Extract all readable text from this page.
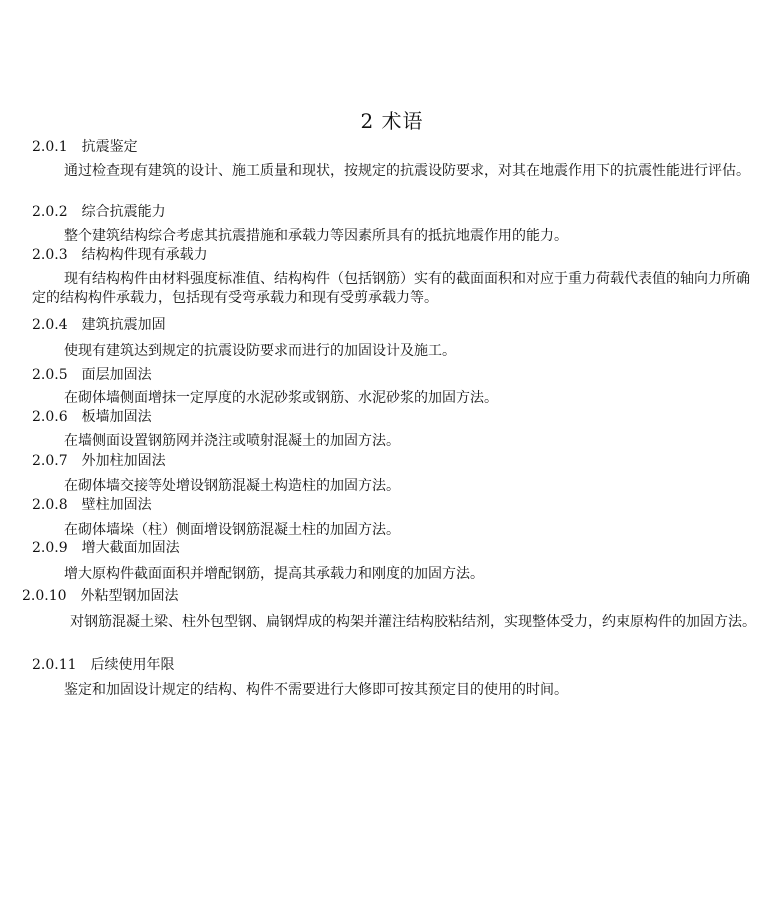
2 术语
2.0.1 抗震鉴定

通过检查现有建筑的设计、施工质量和现状，按规定的抗震设防要求，对其在地震作用下的抗震性能进行评估。

2.0.2 综合抗震能力

整个建筑结构综合考虑其抗震措施和承载力等因素所具有的抵抗地震作用的能力。

2.0.3 结构构件现有承载力

现有结构构件由材料强度标准值、结构构件（包括钢筋）实有的截面面积和对应于重力荷载代表值的轴向力所确定的结构构件承载力，包括现有受弯承载力和现有受剪承载力等。

2.0.4 建筑抗震加固

使现有建筑达到规定的抗震设防要求而进行的加固设计及施工。

2.0.5 面层加固法

在砌体墙侧面增抹一定厚度的水泥砂浆或钢筋、水泥砂浆的加固方法。

2.0.6 板墙加固法

在墙侧面设置钢筋网并浇注或喷射混凝土的加固方法。

2.0.7 外加柱加固法

在砌体墙交接等处增设钢筋混凝土构造柱的加固方法。

2.0.8 壁柱加固法

在砌体墙垛（柱）侧面增设钢筋混凝土柱的加固方法。

2.0.9 增大截面加固法

增大原构件截面面积并增配钢筋，提高其承载力和刚度的加固方法。

2.0.10 外粘型钢加固法

对钢筋混凝土梁、柱外包型钢、扁钢焊成的构架并灌注结构胶粘结剂，实现整体受力，约束原构件的加固方法。

2.0.11 后续使用年限

鉴定和加固设计规定的结构、构件不需要进行大修即可按其预定目的使用的时间。
